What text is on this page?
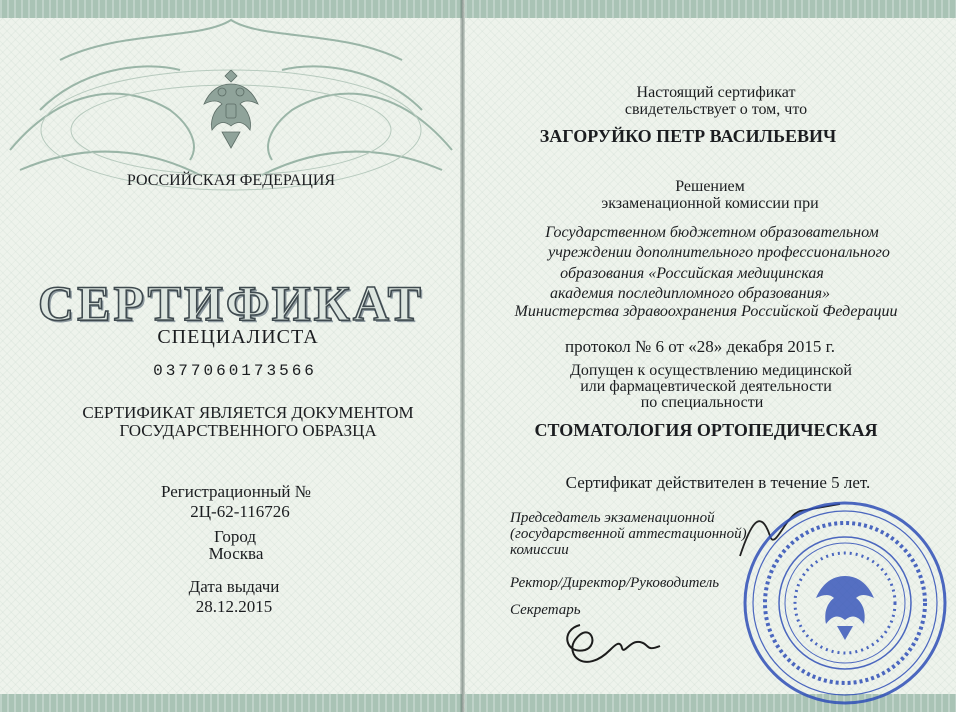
РОССИЙСКАЯ ФЕДЕРАЦИЯ
СЕРТИФИКАТ
СПЕЦИАЛИСТА
0377060173566
СЕРТИФИКАТ ЯВЛЯЕТСЯ ДОКУМЕНТОМ
ГОСУДАРСТВЕННОГО ОБРАЗЦА
Регистрационный №
2Ц-62-116726
Город
Москва
Дата выдачи
28.12.2015
Настоящий сертификат
свидетельствует о том, что
ЗАГОРУЙКО ПЕТР ВАСИЛЬЕВИЧ
Решением
экзаменационной комиссии при
Государственном бюджетном образовательном
учреждении дополнительного профессионального
образования «Российская медицинская
академия последипломного образования»
Министерства здравоохранения Российской Федерации
протокол № 6 от «28» декабря 2015 г.
Допущен к осуществлению медицинской
или фармацевтической деятельности
по специальности
СТОМАТОЛОГИЯ ОРТОПЕДИЧЕСКАЯ
Сертификат действителен в течение 5 лет.
Председатель экзаменационной
(государственной аттестационной)
комиссии
Ректор/Директор/Руководитель
Секретарь
